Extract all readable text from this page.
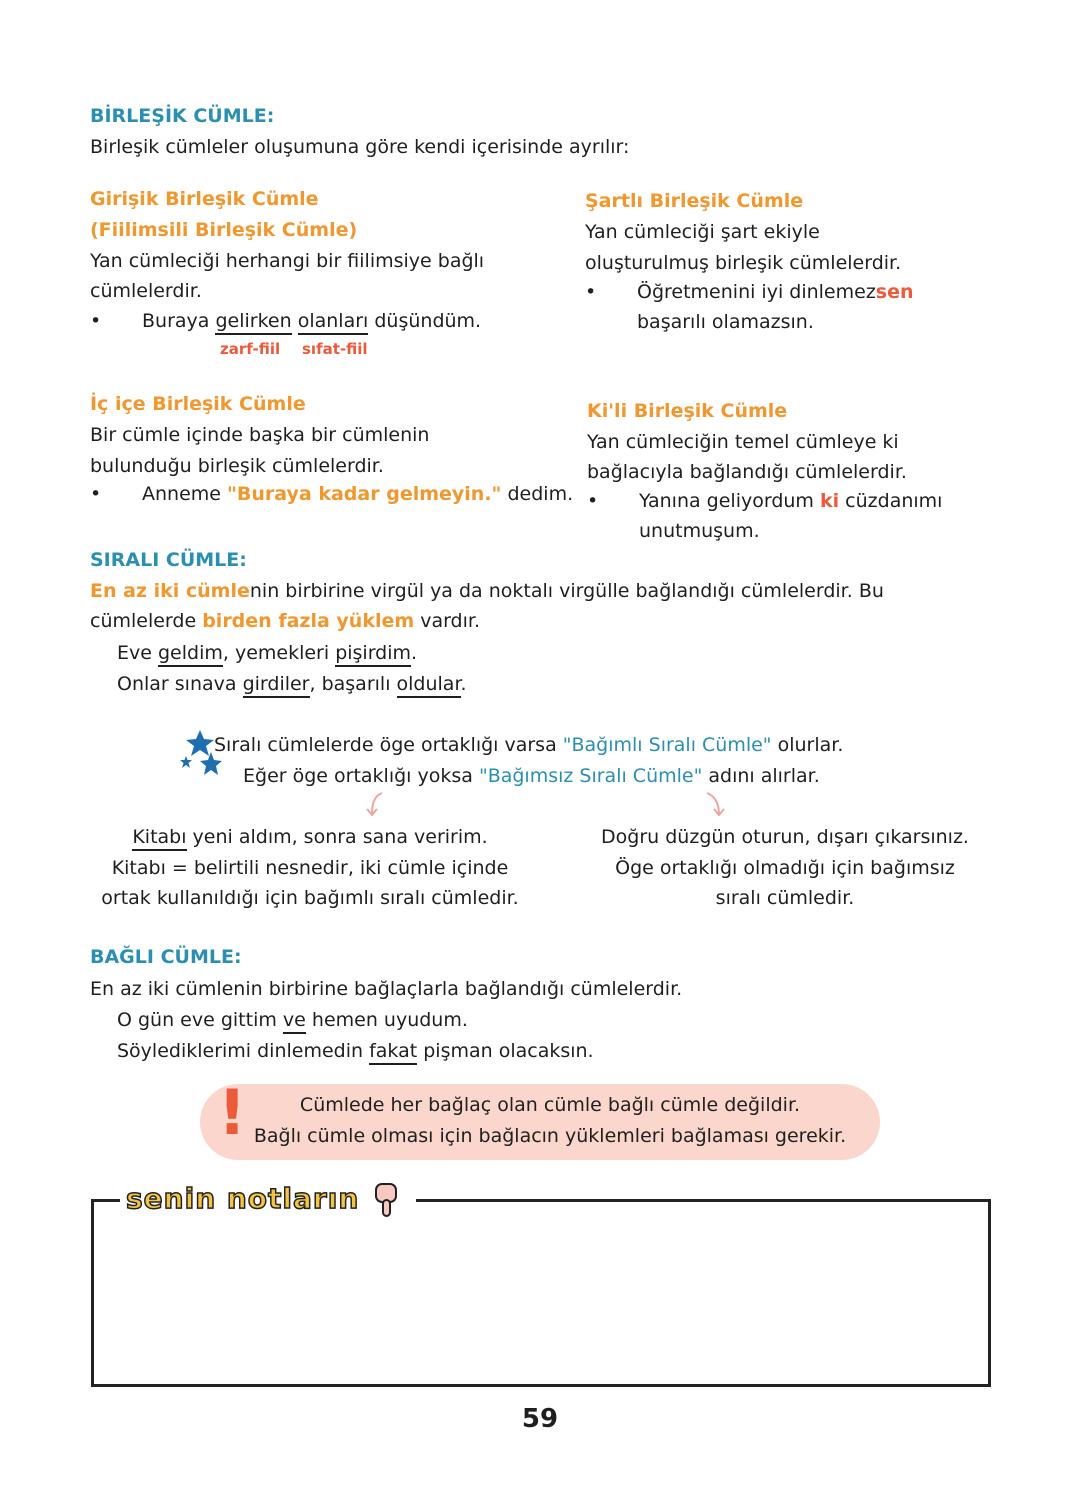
BİRLEŞİK CÜMLE:
Birleşik cümleler oluşumuna göre kendi içerisinde ayrılır:
Girişik Birleşik Cümle
(Fiilimsili Birleşik Cümle)
Yan cümleciği herhangi bir fiilimsiye bağlı
cümlelerdir.
• Buraya gelirken olanları düşündüm.
zarf-fiil sıfat-fiil
Şartlı Birleşik Cümle
Yan cümleciği şart ekiyle
oluşturulmuş birleşik cümlelerdir.
• Öğretmenini iyi dinlemezsen
başarılı olamazsın.
İç içe Birleşik Cümle
Bir cümle içinde başka bir cümlenin
bulunduğu birleşik cümlelerdir.
• Anneme "Buraya kadar gelmeyin." dedim.
Ki'li Birleşik Cümle
Yan cümleciğin temel cümleye ki
bağlacıyla bağlandığı cümlelerdir.
• Yanına geliyordum ki cüzdanımı
unutmuşum.
SIRALI CÜMLE:
En az iki cümlenin birbirine virgül ya da noktalı virgülle bağlandığı cümlelerdir. Bu
cümlelerde birden fazla yüklem vardır.
Eve geldim, yemekleri pişirdim.
Onlar sınava girdiler, başarılı oldular.
Sıralı cümlelerde öge ortaklığı varsa "Bağımlı Sıralı Cümle" olurlar.
Eğer öge ortaklığı yoksa "Bağımsız Sıralı Cümle" adını alırlar.
Kitabı yeni aldım, sonra sana veririm.
Kitabı = belirtili nesnedir, iki cümle içinde
ortak kullanıldığı için bağımlı sıralı cümledir.
Doğru düzgün oturun, dışarı çıkarsınız.
Öge ortaklığı olmadığı için bağımsız
sıralı cümledir.
BAĞLI CÜMLE:
En az iki cümlenin birbirine bağlaçlarla bağlandığı cümlelerdir.
O gün eve gittim ve hemen uyudum.
Söylediklerimi dinlemedin fakat pişman olacaksın.
!	Cümlede her bağlaç olan cümle bağlı cümle değildir.
Bağlı cümle olması için bağlacın yüklemleri bağlaması gerekir.
senin notların
59
